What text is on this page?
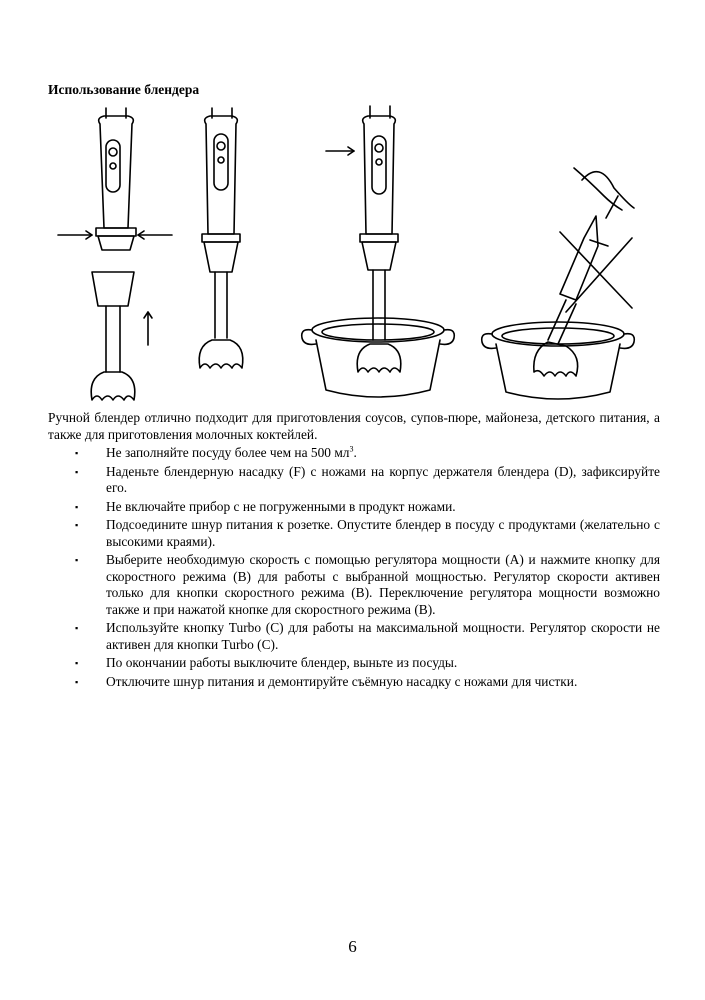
Использование блендера
Ручной блендер отлично подходит для приготовления соусов, супов-пюре, майонеза, детского питания, а также для приготовления молочных коктейлей.
▪ Не заполняйте посуду более чем на 500 $мл^3$.
▪ Наденьте блендерную насадку (F) с ножами на корпус держателя блендера (D), зафиксируйте его.
▪ Не включайте прибор с не погруженными в продукт ножами.
▪ Подсоедините шнур питания к розетке. Опустите блендер в посуду с продуктами (желательно с высокими краями).
▪ Выберите необходимую скорость с помощью регулятора мощности (A) и нажмите кнопку для скоростного режима (B) для работы с выбранной мощностью. Регулятор скорости активен только для кнопки скоростного режима (B). Переключение регулятора мощности возможно также и при нажатой кнопке для скоростного режима (B).
▪ Используйте кнопку Turbo (C) для работы на максимальной мощности. Регулятор скорости не активен для кнопки Turbo (C).
▪ По окончании работы выключите блендер, выньте из посуды.
▪ Отключите шнур питания и демонтируйте съёмную насадку с ножами для чистки.
6
